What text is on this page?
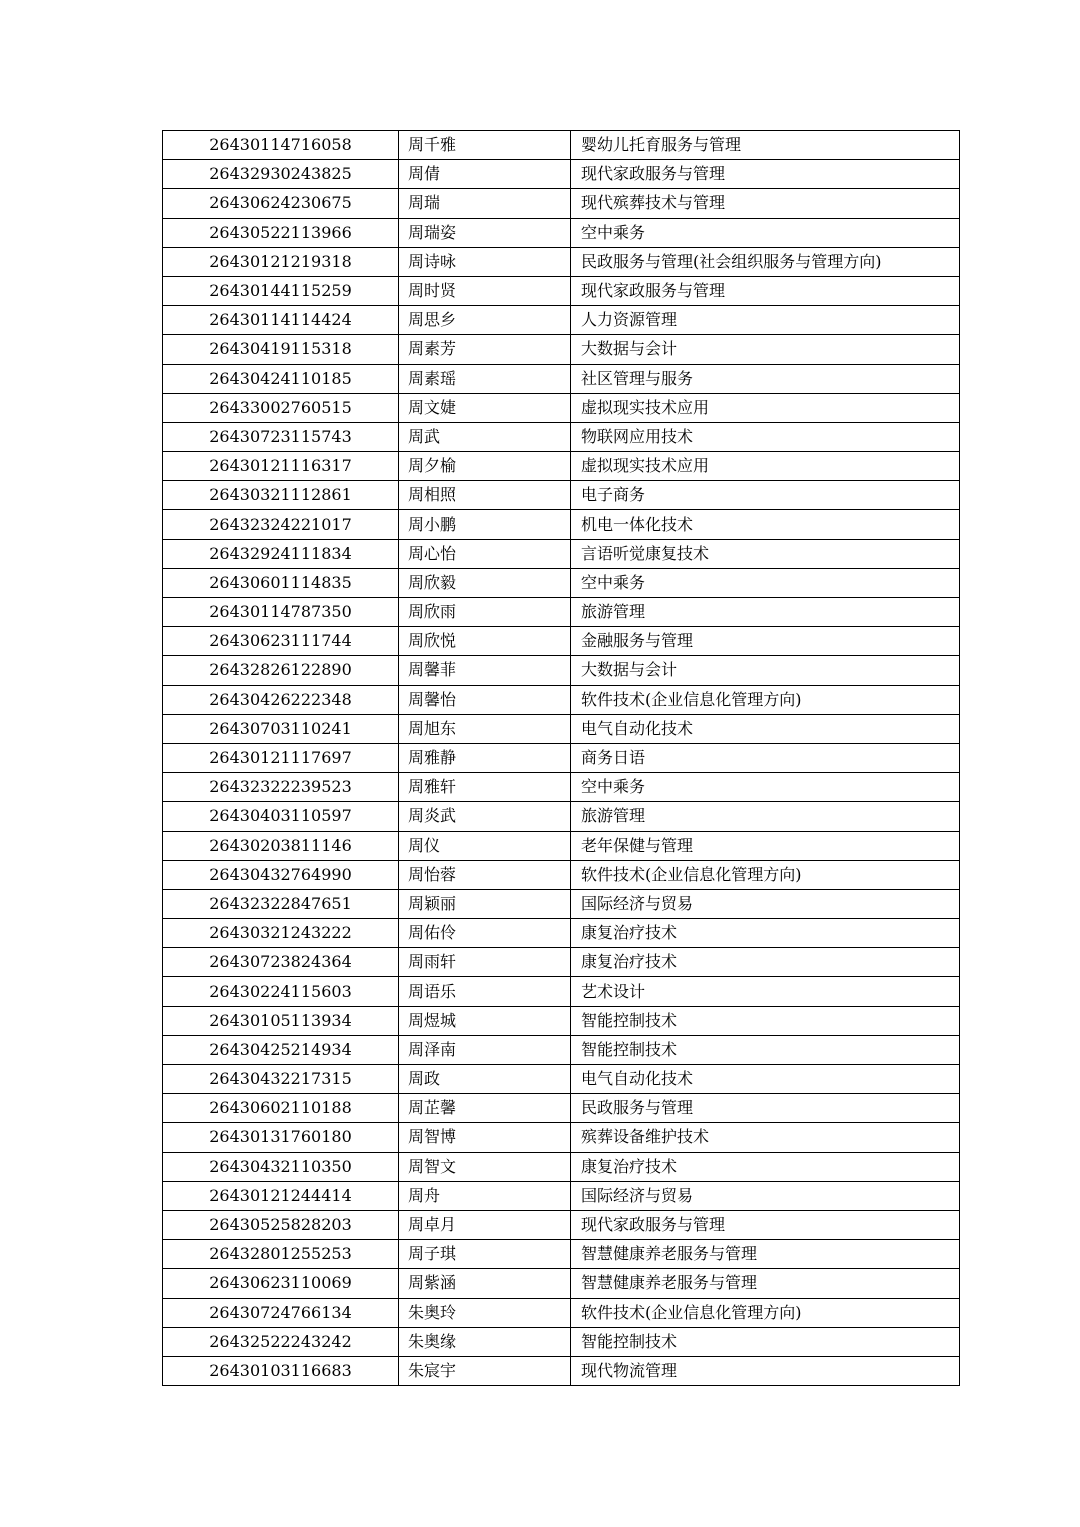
26430114716058	周千雅	婴幼儿托育服务与管理
26432930243825	周倩	现代家政服务与管理
26430624230675	周瑞	现代殡葬技术与管理
26430522113966	周瑞姿	空中乘务
26430121219318	周诗咏	民政服务与管理(社会组织服务与管理方向)
26430144115259	周时贤	现代家政服务与管理
26430114114424	周思乡	人力资源管理
26430419115318	周素芳	大数据与会计
26430424110185	周素瑶	社区管理与服务
26433002760515	周文婕	虚拟现实技术应用
26430723115743	周武	物联网应用技术
26430121116317	周夕榆	虚拟现实技术应用
26430321112861	周相照	电子商务
26432324221017	周小鹏	机电一体化技术
26432924111834	周心怡	言语听觉康复技术
26430601114835	周欣毅	空中乘务
26430114787350	周欣雨	旅游管理
26430623111744	周欣悦	金融服务与管理
26432826122890	周馨菲	大数据与会计
26430426222348	周馨怡	软件技术(企业信息化管理方向)
26430703110241	周旭东	电气自动化技术
26430121117697	周雅静	商务日语
26432322239523	周雅轩	空中乘务
26430403110597	周炎武	旅游管理
26430203811146	周仪	老年保健与管理
26430432764990	周怡蓉	软件技术(企业信息化管理方向)
26432322847651	周颖丽	国际经济与贸易
26430321243222	周佑伶	康复治疗技术
26430723824364	周雨轩	康复治疗技术
26430224115603	周语乐	艺术设计
26430105113934	周煜城	智能控制技术
26430425214934	周泽南	智能控制技术
26430432217315	周政	电气自动化技术
26430602110188	周芷馨	民政服务与管理
26430131760180	周智博	殡葬设备维护技术
26430432110350	周智文	康复治疗技术
26430121244414	周舟	国际经济与贸易
26430525828203	周卓月	现代家政服务与管理
26432801255253	周子琪	智慧健康养老服务与管理
26430623110069	周紫涵	智慧健康养老服务与管理
26430724766134	朱奥玲	软件技术(企业信息化管理方向)
26432522243242	朱奥缘	智能控制技术
26430103116683	朱宸宇	现代物流管理
